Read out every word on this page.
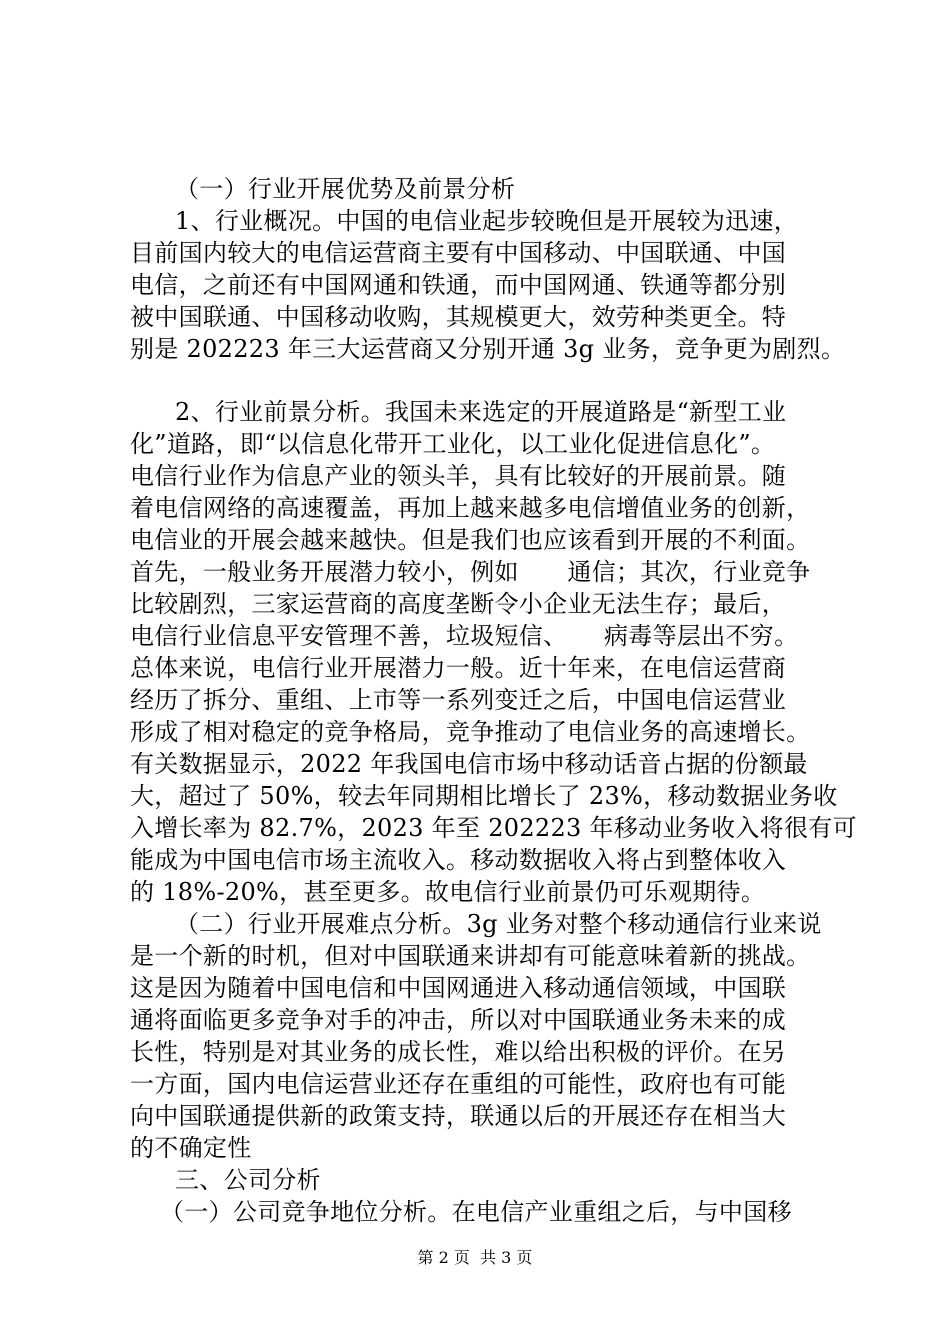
（一）行业开展优势及前景分析
1、行业概况。中国的电信业起步较晚但是开展较为迅速，
目前国内较大的电信运营商主要有中国移动、中国联通、中国
电信，之前还有中国网通和铁通，而中国网通、铁通等都分别
被中国联通、中国移动收购，其规模更大，效劳种类更全。特
别是 202223 年三大运营商又分别开通 3g 业务，竞争更为剧烈。
2、行业前景分析。我国未来选定的开展道路是“新型工业
化”道路，即“以信息化带开工业化，以工业化促进信息化”。
电信行业作为信息产业的领头羊，具有比较好的开展前景。随
着电信网络的高速覆盖，再加上越来越多电信增值业务的创新，
电信业的开展会越来越快。但是我们也应该看到开展的不利面。
首先，一般业务开展潜力较小，例如　　通信；其次，行业竞争
比较剧烈，三家运营商的高度垄断令小企业无法生存；最后，
电信行业信息平安管理不善，垃圾短信、　　病毒等层出不穷。
总体来说，电信行业开展潜力一般。近十年来，在电信运营商
经历了拆分、重组、上市等一系列变迁之后，中国电信运营业
形成了相对稳定的竞争格局，竞争推动了电信业务的高速增长。
有关数据显示，2022 年我国电信市场中移动话音占据的份额最
大，超过了 50%，较去年同期相比增长了 23%，移动数据业务收
入增长率为 82.7%，2023 年至 202223 年移动业务收入将很有可
能成为中国电信市场主流收入。移动数据收入将占到整体收入
的 18%-20%，甚至更多。故电信行业前景仍可乐观期待。
（二）行业开展难点分析。3g 业务对整个移动通信行业来说
是一个新的时机，但对中国联通来讲却有可能意味着新的挑战。
这是因为随着中国电信和中国网通进入移动通信领域，中国联
通将面临更多竞争对手的冲击，所以对中国联通业务未来的成
长性，特别是对其业务的成长性，难以给出积极的评价。在另
一方面，国内电信运营业还存在重组的可能性，政府也有可能
向中国联通提供新的政策支持，联通以后的开展还存在相当大
的不确定性
三、公司分析
（一）公司竞争地位分析。在电信产业重组之后，与中国移
第 2 页  共 3 页
